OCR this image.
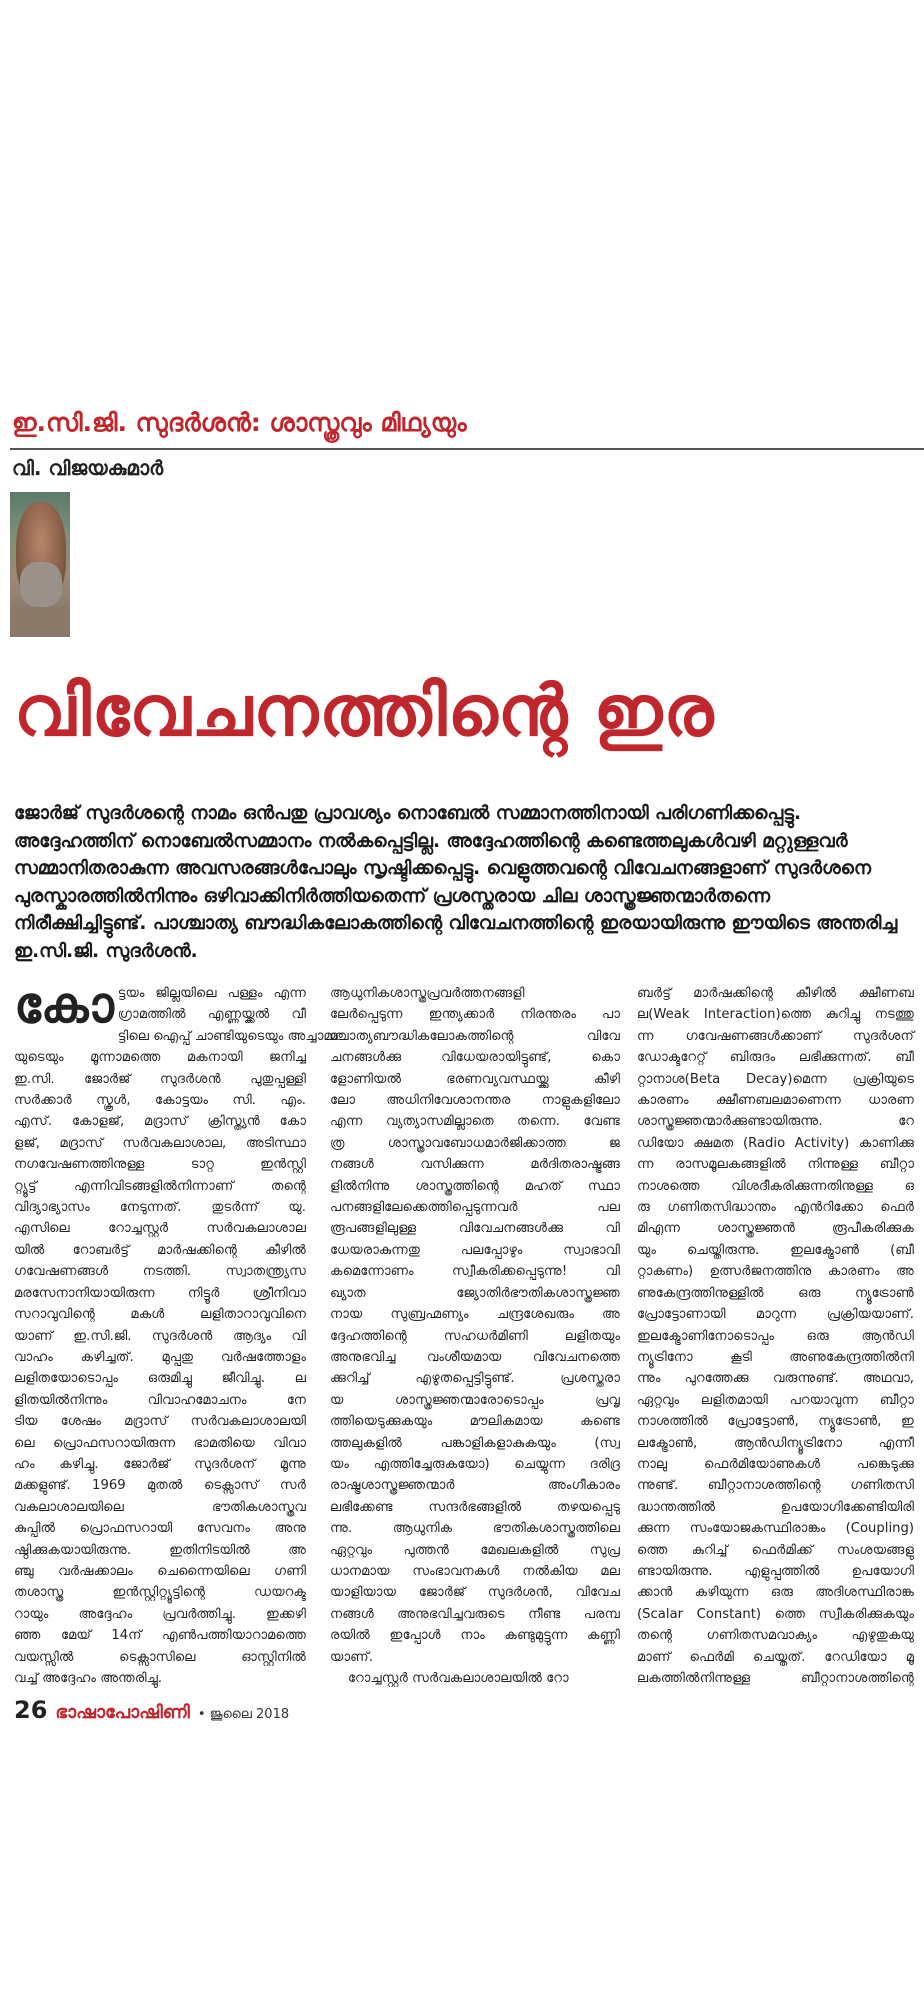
ഇ.സി.ജി. സുദർശൻ: ശാസ്ത്രവും മിഥ്യയും
വി. വിജയകുമാർ
വിവേചനത്തിന്റെ ഇര
ജോർജ് സുദർശന്റെ നാമം ഒൻപതു പ്രാവശ്യം നൊബേൽ സമ്മാനത്തിനായി പരിഗണിക്കപ്പെട്ടു.
അദ്ദേഹത്തിന് നൊബേൽസമ്മാനം നൽകപ്പെട്ടില്ല. അദ്ദേഹത്തിന്റെ കണ്ടെത്തലുകൾവഴി മറ്റുള്ളവർ
സമ്മാനിതരാകുന്ന അവസരങ്ങൾപോലും സൃഷ്ടിക്കപ്പെട്ടു. വെളുത്തവന്റെ വിവേചനങ്ങളാണ് സുദർശനെ
പുരസ്കാരത്തിൽനിന്നും ഒഴിവാക്കിനിർത്തിയതെന്ന് പ്രശസ്തരായ ചില ശാസ്ത്രജ്ഞന്മാർതന്നെ
നിരീക്ഷിച്ചിട്ടുണ്ട്. പാശ്ചാത്യ ബൗദ്ധികലോകത്തിന്റെ വിവേചനത്തിന്റെ ഇരയായിരുന്നു ഈയിടെ അന്തരിച്ച
ഇ.സി.ജി. സുദർശൻ.
കോ ട്ടയം ജില്ലയിലെ പള്ളം എന്ന
ഗ്രാമത്തിൽ എണ്ണയ്ക്കൽ വീ
ട്ടിലെ ഐപ്പ് ചാണ്ടിയുടെയും അച്ചാമ്മ
യുടെയും മൂന്നാമത്തെ മകനായി ജനിച്ച
ഇ.സി. ജോർജ് സുദർശൻ പുതുപ്പള്ളി
സർക്കാർ സ്കൂൾ, കോട്ടയം സി. എം.
എസ്. കോളജ്, മദ്രാസ് ക്രിസ്ത്യൻ കോ
ളജ്, മദ്രാസ് സർവകലാശാല, അടിസ്ഥാ
നഗവേഷണത്തിനുള്ള ടാറ്റ ഇൻസ്റ്റി
റ്റ്യൂട്ട് എന്നിവിടങ്ങളിൽനിന്നാണ് തന്റെ
വിദ്യാഭ്യാസം നേടുന്നത്. തുടർന്ന് യു.
എസിലെ റോച്ചസ്റ്റർ സർവകലാശാല
യിൽ റോബർട്ട് മാർഷക്കിന്റെ കീഴിൽ
ഗവേഷണങ്ങൾ നടത്തി. സ്വാതന്ത്ര്യസ
മരസേനാനിയായിരുന്ന നിട്ടൂർ ശ്രീനിവാ
സറാവുവിന്റെ മകൾ ലളിതാറാവുവിനെ
യാണ് ഇ.സി.ജി. സുദർശൻ ആദ്യം വി
വാഹം കഴിച്ചത്. മുപ്പതു വർഷത്തോളം
ലളിതയോടൊപ്പം ഒരുമിച്ചു ജീവിച്ചു. ല
ളിതയിൽനിന്നും വിവാഹമോചനം നേ
ടിയ ശേഷം മദ്രാസ് സർവകലാശാലയി
ലെ പ്രൊഫസറായിരുന്ന ഭാമതിയെ വിവാ
ഹം കഴിച്ചു. ജോർജ് സുദർശന് മൂന്നു
മക്കളുണ്ട്. 1969 മുതൽ ടെക്സാസ് സർ
വകലാശാലയിലെ ഭൗതികശാസ്ത്രവ
കുപ്പിൽ പ്രൊഫസറായി സേവനം അനു
ഷ്ഠിക്കുകയായിരുന്നു. ഇതിനിടയിൽ അ
ഞ്ചു വർഷക്കാലം ചെന്നൈയിലെ ഗണി
തശാസ്ത്ര ഇൻസ്റ്റിറ്റ്യൂട്ടിന്റെ ഡയറക്ട
റായും അദ്ദേഹം പ്രവർത്തിച്ചു. ഇക്കഴി
ഞ്ഞ മേയ് 14ന് എൺപത്തിയാറാമത്തെ
വയസ്സിൽ ടെക്സാസിലെ ഓസ്റ്റിനിൽ
വച്ച് അദ്ദേഹം അന്തരിച്ചു.
ആധുനികശാസ്ത്രപ്രവർത്തനങ്ങളി
ലേർപ്പെടുന്ന ഇന്ത്യക്കാർ നിരന്തരം പാ
ശ്ചാത്യബൗദ്ധികലോകത്തിന്റെ വിവേ
ചനങ്ങൾക്കു വിധേയരായിട്ടുണ്ട്, കൊ
ളോണിയൽ ഭരണവ്യവസ്ഥയ്ക്കു കീഴി
ലോ അധിനിവേശാനന്തര നാളുകളിലോ
എന്ന വ്യത്യാസമില്ലാതെ തന്നെ. വേണ്ട
ത്ര ശാസ്ത്രാവബോധമാർജിക്കാത്ത ജ
നങ്ങൾ വസിക്കുന്ന മർദിതരാഷ്ട്രങ്ങ
ളിൽനിന്നു ശാസ്ത്രത്തിന്റെ മഹത് സ്ഥാ
പനങ്ങളിലേക്കെത്തിപ്പെടുന്നവർ പല
രൂപങ്ങളിലുള്ള വിവേചനങ്ങൾക്കു വി
ധേയരാകുന്നതു പലപ്പോഴും സ്വാഭാവി
കമെന്നോണം സ്വീകരിക്കപ്പെടുന്നു! വി
ഖ്യാത ജ്യോതിർഭൗതികശാസ്ത്രജ്ഞ
നായ സുബ്രഹ്മണ്യം ചന്ദ്രശേഖരും അ
ദ്ദേഹത്തിന്റെ സഹധർമിണി ലളിതയും
അനുഭവിച്ച വംശീയമായ വിവേചനത്തെ
ക്കുറിച്ച് എഴുതപ്പെട്ടിട്ടുണ്ട്. പ്രശസ്തരാ
യ ശാസ്ത്രജ്ഞന്മാരോടൊപ്പം പ്രവൃ
ത്തിയെടുക്കുകയും മൗലികമായ കണ്ടെ
ത്തലുകളിൽ പങ്കാളികളാകുകയും (സ്വ
യം എത്തിച്ചേരുകയോ) ചെയ്യുന്ന ദരിദ്ര
രാഷ്ട്രശാസ്ത്രജ്ഞന്മാർ അംഗീകാരം
ലഭിക്കേണ്ട സന്ദർഭങ്ങളിൽ തഴയപ്പെടു
ന്നു. ആധുനിക ഭൗതികശാസ്ത്രത്തിലെ
ഏറ്റവും പുത്തൻ മേഖലകളിൽ സുപ്ര
ധാനമായ സംഭാവനകൾ നൽകിയ മല
യാളിയായ ജോർജ് സുദർശൻ, വിവേച
നങ്ങൾ അനുഭവിച്ചവരുടെ നീണ്ട പരമ്പ
രയിൽ ഇപ്പോൾ നാം കണ്ടുമുട്ടുന്ന കണ്ണി
യാണ്.
റോച്ചസ്റ്റർ സർവകലാശാലയിൽ റോ
ബർട്ട് മാർഷക്കിന്റെ കീഴിൽ ക്ഷീണബ
ല(Weak Interaction)ത്തെ കുറിച്ചു നടത്തു
ന്ന ഗവേഷണങ്ങൾക്കാണ് സുദർശന്
ഡോക്ടറേറ്റ് ബിരുദം ലഭിക്കുന്നത്. ബീ
റ്റാനാശ(Beta Decay)മെന്ന പ്രക്രിയുടെ
കാരണം ക്ഷീണബലമാണെന്ന ധാരണ
ശാസ്ത്രജ്ഞന്മാർക്കുണ്ടായിരുന്നു. റേ
ഡിയോ ക്ഷമത (Radio Activity) കാണിക്കു
ന്ന രാസമൂലകങ്ങളിൽ നിന്നുള്ള ബീറ്റാ
നാശത്തെ വിശദീകരിക്കുന്നതിനുള്ള ഒ
രു ഗണിതസിദ്ധാന്തം എൻറിക്കോ ഫെർ
മിഎന്ന ശാസ്ത്രജ്ഞൻ രൂപീകരിക്കുക
യും ചെയ്തിരുന്നു. ഇലക്ട്രോൺ (ബീ
റ്റാകണം) ഉത്സർജനത്തിനു കാരണം അ
ണുകേന്ദ്രത്തിനുള്ളിൽ ഒരു ന്യൂട്രോൺ
പ്രോട്ടോണായി മാറുന്ന പ്രക്രിയയാണ്.
ഇലക്ട്രോണിനോടൊപ്പം ഒരു ആൻഡി
ന്യൂട്രിനോ കൂടി അണുകേന്ദ്രത്തിൽനി
ന്നും പുറത്തേക്കു വരുന്നുണ്ട്. അഥവാ,
ഏറ്റവും ലളിതമായി പറയാവുന്ന ബീറ്റാ
നാശത്തിൽ പ്രോട്ടോൺ, ന്യൂട്രോൺ, ഇ
ലക്ട്രോൺ, ആൻഡിന്യൂട്രിനോ എന്നീ
നാലു ഫെർമിയോണുകൾ പങ്കെടുക്കു
ന്നുണ്ട്. ബീറ്റാനാശത്തിന്റെ ഗണിതസി
ദ്ധാന്തത്തിൽ ഉപയോഗിക്കേണ്ടിയിരി
ക്കുന്ന സംയോജകസ്ഥിരാങ്കം (Coupling)
ത്തെ കുറിച്ച് ഫെർമിക്ക് സംശയങ്ങളു
ണ്ടായിരുന്നു. എളുപ്പത്തിൽ ഉപയോഗി
ക്കാൻ കഴിയുന്ന ഒരു അദിശസ്ഥിരാങ്ക
(Scalar Constant) ത്തെ സ്വീകരിക്കുകയും
തന്റെ ഗണിതസമവാക്യം എഴുതുകയു
മാണ് ഫെർമി ചെയ്തത്. റേഡിയോ മൂ
ലകത്തിൽനിന്നുള്ള ബീറ്റാനാശത്തിന്റെ
26 ഭാഷാപോഷിണി • ജൂലൈ 2018
